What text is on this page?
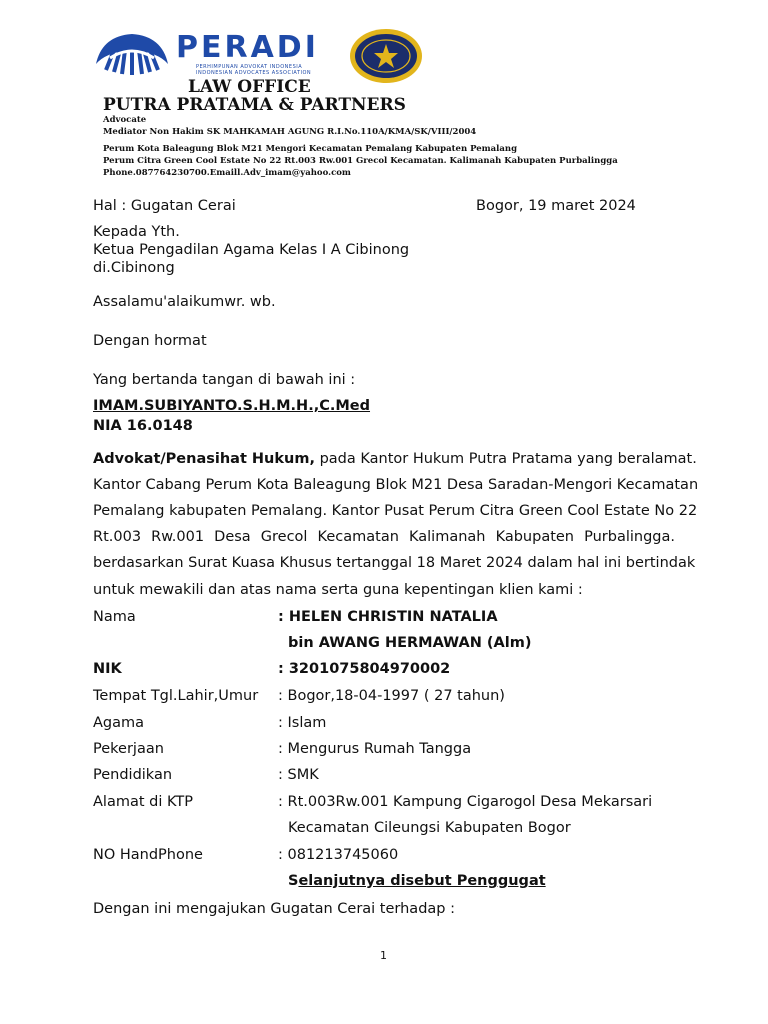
PERADI
PERHIMPUNAN ADVOKAT INDONESIA
INDONESIAN ADVOCATES ASSOCIATION
LAW OFFICE
PUTRA PRATAMA & PARTNERS
Advocate
Mediator Non Hakim SK MAHKAMAH AGUNG R.I.No.110A/KMA/SK/VIII/2004
Perum Kota Baleagung Blok M21 Mengori Kecamatan Pemalang Kabupaten Pemalang
Perum Citra Green Cool Estate No 22 Rt.003 Rw.001 Grecol Kecamatan. Kalimanah Kabupaten Purbalingga
Phone.087764230700.Emaill.Adv_imam@yahoo.com
Hal : Gugatan Cerai	Bogor, 19 maret 2024
Kepada Yth.
Ketua Pengadilan Agama Kelas I A Cibinong
di.Cibinong
Assalamu'alaikumwr. wb.
Dengan hormat
Yang bertanda tangan di bawah ini :
IMAM.SUBIYANTO.S.H.M.H.,C.Med
NIA 16.0148
Advokat/Penasihat Hukum, pada Kantor Hukum Putra Pratama yang beralamat.
Kantor Cabang Perum Kota Baleagung Blok M21 Desa Saradan-Mengori Kecamatan
Pemalang kabupaten Pemalang. Kantor Pusat Perum Citra Green Cool Estate No 22
Rt.003 Rw.001 Desa Grecol Kecamatan Kalimanah Kabupaten Purbalingga.
berdasarkan Surat Kuasa Khusus tertanggal 18 Maret 2024 dalam hal ini bertindak
untuk mewakili dan atas nama serta guna kepentingan klien kami :
Nama	: HELEN CHRISTIN NATALIA
bin AWANG HERMAWAN (Alm)
NIK	: 3201075804970002
Tempat Tgl.Lahir,Umur : Bogor,18-04-1997 ( 27 tahun)
Agama	: Islam
Pekerjaan	: Mengurus Rumah Tangga
Pendidikan	: SMK
Alamat di KTP	: Rt.003Rw.001 Kampung Cigarogol Desa Mekarsari
Kecamatan Cileungsi Kabupaten Bogor
NO HandPhone	: 081213745060
Selanjutnya disebut Penggugat
Dengan ini mengajukan Gugatan Cerai terhadap :
1
